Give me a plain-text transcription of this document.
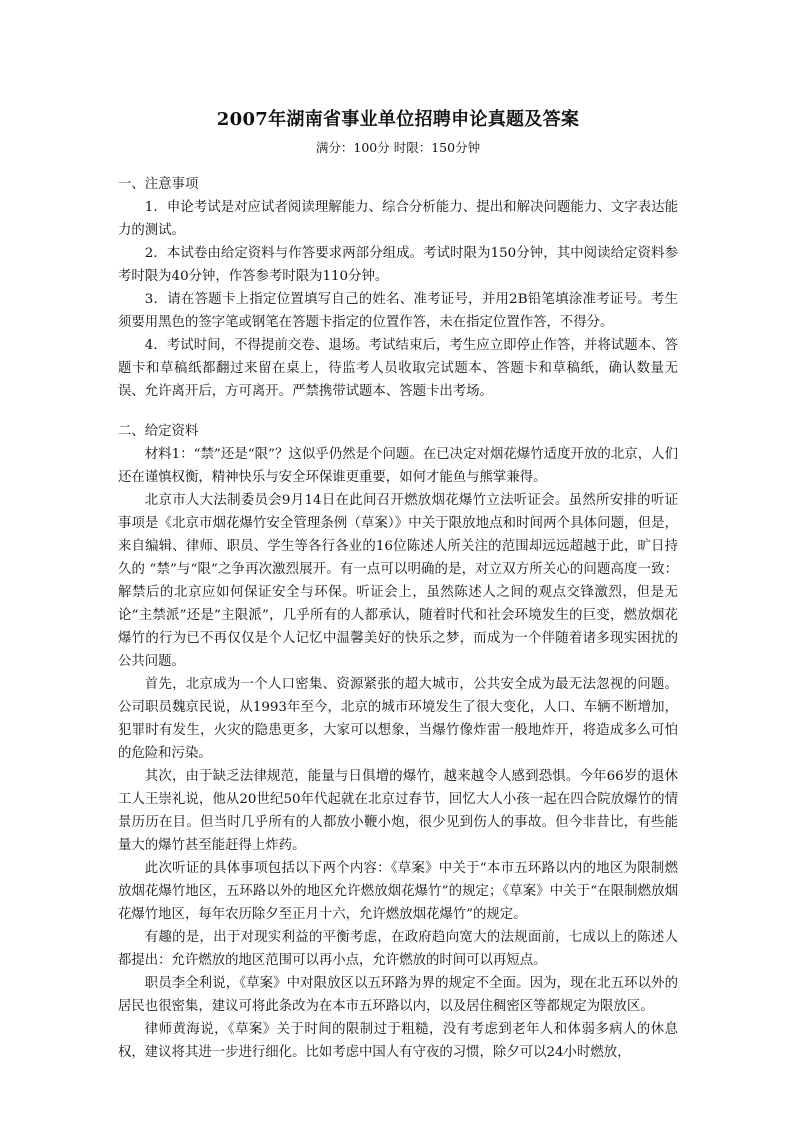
2007年湖南省事业单位招聘申论真题及答案
满分：100分 时限：150分钟
一、注意事项

1．申论考试是对应试者阅读理解能力、综合分析能力、提出和解决问题能力、文字表达能力的测试。

2．本试卷由给定资料与作答要求两部分组成。考试时限为150分钟，其中阅读给定资料参考时限为40分钟，作答参考时限为110分钟。

3．请在答题卡上指定位置填写自己的姓名、准考证号，并用2B铅笔填涂准考证号。考生须要用黑色的签字笔或钢笔在答题卡指定的位置作答，未在指定位置作答，不得分。

4．考试时间，不得提前交卷、退场。考试结束后，考生应立即停止作答，并将试题本、答题卡和草稿纸都翻过来留在桌上，待监考人员收取完试题本、答题卡和草稿纸，确认数量无误、允许离开后，方可离开。严禁携带试题本、答题卡出考场。

二、给定资料

材料1：“禁”还是“限”？这似乎仍然是个问题。在已决定对烟花爆竹适度开放的北京，人们还在谨慎权衡，精神快乐与安全环保谁更重要，如何才能鱼与熊掌兼得。

北京市人大法制委员会9月14日在此间召开燃放烟花爆竹立法听证会。虽然所安排的听证事项是《北京市烟花爆竹安全管理条例（草案）》中关于限放地点和时间两个具体问题，但是，来自编辑、律师、职员、学生等各行各业的16位陈述人所关注的范围却远远超越于此，旷日持久的 “禁”与“限”之争再次激烈展开。有一点可以明确的是，对立双方所关心的问题高度一致：解禁后的北京应如何保证安全与环保。听证会上，虽然陈述人之间的观点交锋激烈，但是无论“主禁派”还是“主限派”，几乎所有的人都承认，随着时代和社会环境发生的巨变，燃放烟花爆竹的行为已不再仅仅是个人记忆中温馨美好的快乐之梦，而成为一个伴随着诸多现实困扰的公共问题。

首先，北京成为一个人口密集、资源紧张的超大城市，公共安全成为最无法忽视的问题。公司职员魏京民说，从1993年至今，北京的城市环境发生了很大变化，人口、车辆不断增加，犯罪时有发生，火灾的隐患更多，大家可以想象，当爆竹像炸雷一般地炸开，将造成多么可怕的危险和污染。

其次，由于缺乏法律规范，能量与日俱增的爆竹，越来越令人感到恐惧。今年66岁的退休工人王崇礼说，他从20世纪50年代起就在北京过春节，回忆大人小孩一起在四合院放爆竹的情景历历在目。但当时几乎所有的人都放小鞭小炮，很少见到伤人的事故。但今非昔比，有些能量大的爆竹甚至能赶得上炸药。

此次听证的具体事项包括以下两个内容：《草案》中关于“本市五环路以内的地区为限制燃放烟花爆竹地区，五环路以外的地区允许燃放烟花爆竹”的规定；《草案》中关于“在限制燃放烟花爆竹地区，每年农历除夕至正月十六，允许燃放烟花爆竹”的规定。

有趣的是，出于对现实利益的平衡考虑，在政府趋向宽大的法规面前，七成以上的陈述人都提出：允许燃放的地区范围可以再小点，允许燃放的时间可以再短点。

职员李全利说，《草案》中对限放区以五环路为界的规定不全面。因为，现在北五环以外的居民也很密集，建议可将此条改为在本市五环路以内，以及居住稠密区等都规定为限放区。

律师黄海说，《草案》关于时间的限制过于粗糙，没有考虑到老年人和体弱多病人的休息权，建议将其进一步进行细化。比如考虑中国人有守夜的习惯，除夕可以24小时燃放，
